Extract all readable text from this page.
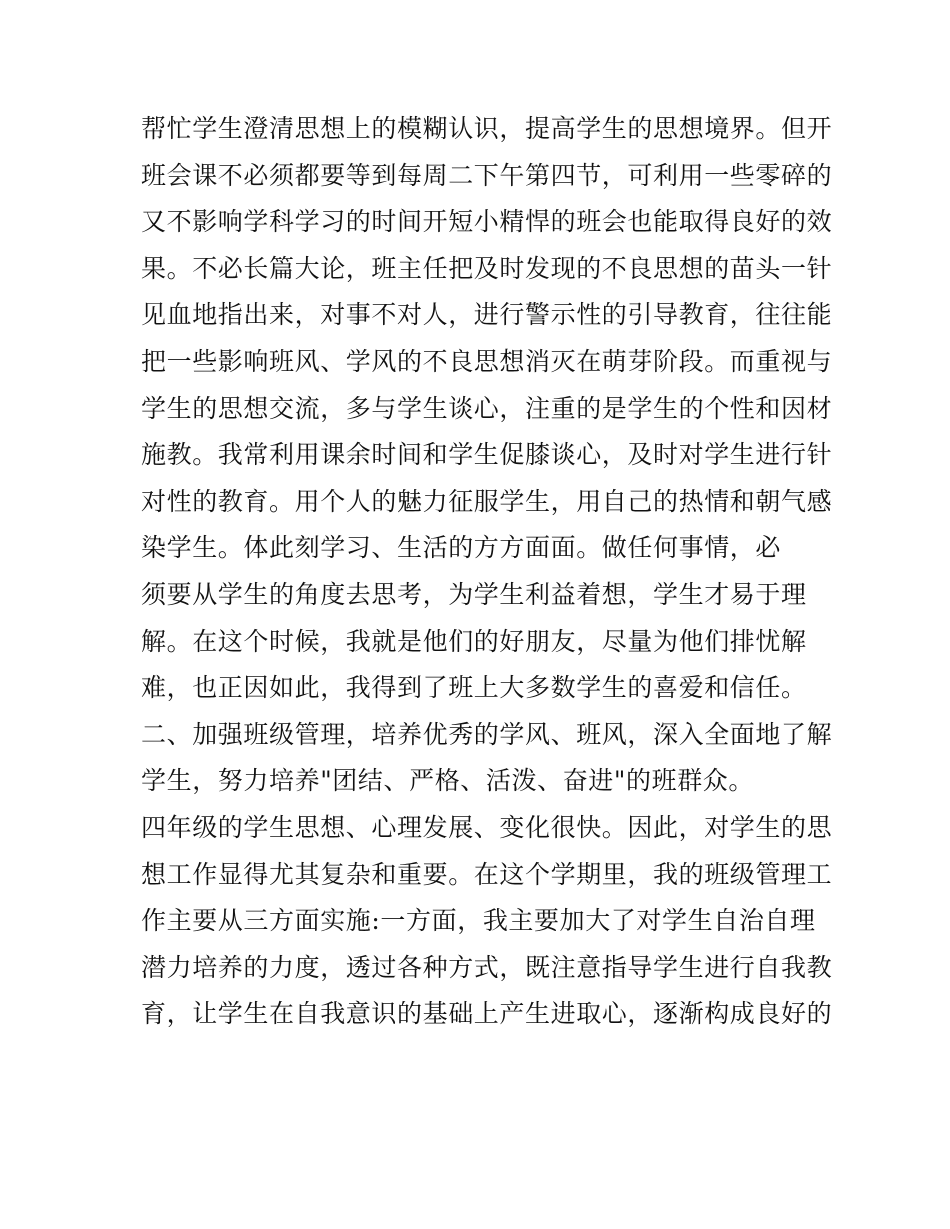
帮忙学生澄清思想上的模糊认识，提高学生的思想境界。但开
班会课不必须都要等到每周二下午第四节，可利用一些零碎的
又不影响学科学习的时间开短小精悍的班会也能取得良好的效
果。不必长篇大论，班主任把及时发现的不良思想的苗头一针
见血地指出来，对事不对人，进行警示性的引导教育，往往能
把一些影响班风、学风的不良思想消灭在萌芽阶段。而重视与
学生的思想交流，多与学生谈心，注重的是学生的个性和因材
施教。我常利用课余时间和学生促膝谈心，及时对学生进行针
对性的教育。用个人的魅力征服学生，用自己的热情和朝气感
染学生。体此刻学习、生活的方方面面。做任何事情，必
须要从学生的角度去思考，为学生利益着想，学生才易于理
解。在这个时候，我就是他们的好朋友，尽量为他们排忧解
难，也正因如此，我得到了班上大多数学生的喜爱和信任。
二、加强班级管理，培养优秀的学风、班风，深入全面地了解
学生，努力培养"团结、严格、活泼、奋进"的班群众。
四年级的学生思想、心理发展、变化很快。因此，对学生的思
想工作显得尤其复杂和重要。在这个学期里，我的班级管理工
作主要从三方面实施:一方面，我主要加大了对学生自治自理
潜力培养的力度，透过各种方式，既注意指导学生进行自我教
育，让学生在自我意识的基础上产生进取心，逐渐构成良好的
